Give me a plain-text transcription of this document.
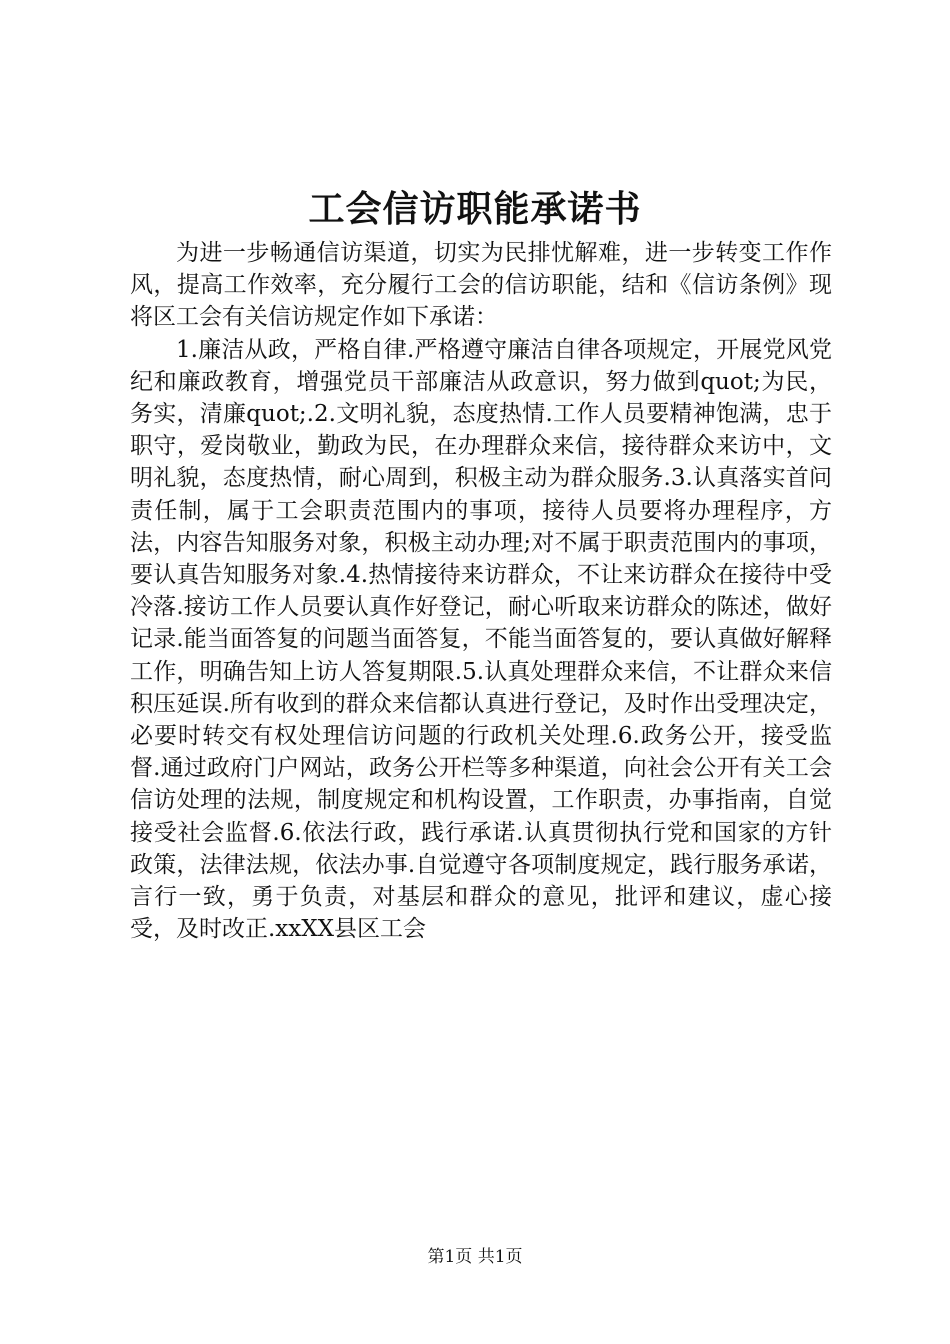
工会信访职能承诺书

为进一步畅通信访渠道，切实为民排忧解难，进一步转变工作作风，提高工作效率，充分履行工会的信访职能，结和《信访条例》现将区工会有关信访规定作如下承诺：

1.廉洁从政，严格自律.严格遵守廉洁自律各项规定，开展党风党纪和廉政教育，增强党员干部廉洁从政意识，努力做到quot;为民，务实，清廉quot;.2.文明礼貌，态度热情.工作人员要精神饱满，忠于职守，爱岗敬业，勤政为民，在办理群众来信，接待群众来访中，文明礼貌，态度热情，耐心周到，积极主动为群众服务.3.认真落实首问责任制，属于工会职责范围内的事项，接待人员要将办理程序，方法，内容告知服务对象，积极主动办理;对不属于职责范围内的事项，要认真告知服务对象.4.热情接待来访群众，不让来访群众在接待中受冷落.接访工作人员要认真作好登记，耐心听取来访群众的陈述，做好记录.能当面答复的问题当面答复，不能当面答复的，要认真做好解释工作，明确告知上访人答复期限.5.认真处理群众来信，不让群众来信积压延误.所有收到的群众来信都认真进行登记，及时作出受理决定，必要时转交有权处理信访问题的行政机关处理.6.政务公开，接受监督.通过政府门户网站，政务公开栏等多种渠道，向社会公开有关工会信访处理的法规，制度规定和机构设置，工作职责，办事指南，自觉接受社会监督.6.依法行政，践行承诺.认真贯彻执行党和国家的方针政策，法律法规，依法办事.自觉遵守各项制度规定，践行服务承诺，言行一致，勇于负责，对基层和群众的意见，批评和建议，虚心接受，及时改正.xxXX县区工会

第1页 共1页
